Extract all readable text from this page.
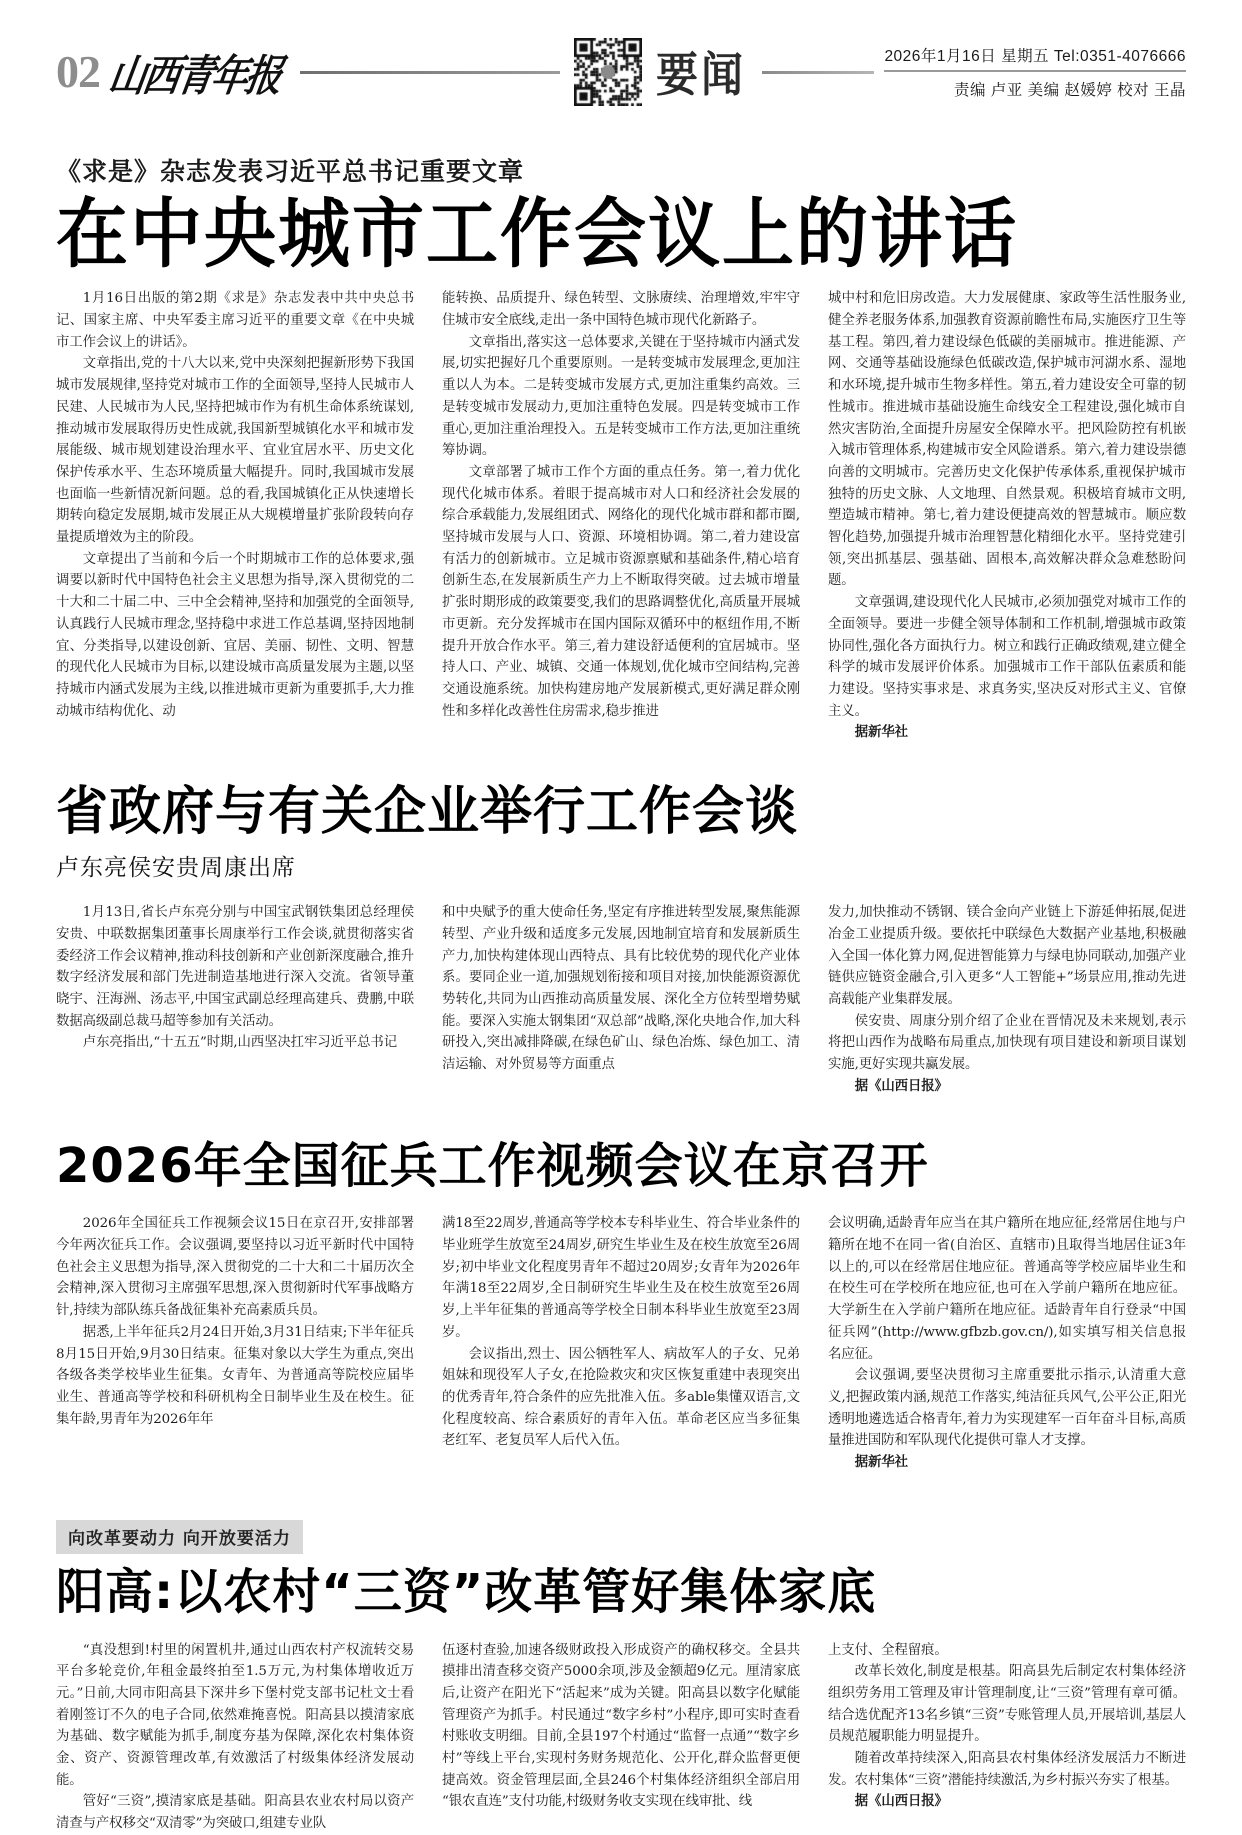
02 山西青年报	要闻	2026年1月16日 星期五 Tel:0351-4076666
责编 卢亚 美编 赵媛婷 校对 王晶
《求是》杂志发表习近平总书记重要文章
在中央城市工作会议上的讲话

1月16日出版的第2期《求是》杂志发表中共中央总书记、国家主席、中央军委主席习近平的重要文章《在中央城市工作会议上的讲话》。

文章指出,党的十八大以来,党中央深刻把握新形势下我国城市发展规律,坚持党对城市工作的全面领导,坚持人民城市人民建、人民城市为人民,坚持把城市作为有机生命体系统谋划,推动城市发展取得历史性成就,我国新型城镇化水平和城市发展能级、城市规划建设治理水平、宜业宜居水平、历史文化保护传承水平、生态环境质量大幅提升。同时,我国城市发展也面临一些新情况新问题。总的看,我国城镇化正从快速增长期转向稳定发展期,城市发展正从大规模增量扩张阶段转向存量提质增效为主的阶段。

文章提出了当前和今后一个时期城市工作的总体要求,强调要以新时代中国特色社会主义思想为指导,深入贯彻党的二十大和二十届二中、三中全会精神,坚持和加强党的全面领导,认真践行人民城市理念,坚持稳中求进工作总基调,坚持因地制宜、分类指导,以建设创新、宜居、美丽、韧性、文明、智慧的现代化人民城市为目标,以建设城市高质量发展为主题,以坚持城市内涵式发展为主线,以推进城市更新为重要抓手,大力推动城市结构优化、动

能转换、品质提升、绿色转型、文脉赓续、治理增效,牢牢守住城市安全底线,走出一条中国特色城市现代化新路子。

文章指出,落实这一总体要求,关键在于坚持城市内涵式发展,切实把握好几个重要原则。一是转变城市发展理念,更加注重以人为本。二是转变城市发展方式,更加注重集约高效。三是转变城市发展动力,更加注重特色发展。四是转变城市工作重心,更加注重治理投入。五是转变城市工作方法,更加注重统筹协调。

文章部署了城市工作个方面的重点任务。第一,着力优化现代化城市体系。着眼于提高城市对人口和经济社会发展的综合承载能力,发展组团式、网络化的现代化城市群和都市圈,坚持城市发展与人口、资源、环境相协调。第二,着力建设富有活力的创新城市。立足城市资源禀赋和基础条件,精心培育创新生态,在发展新质生产力上不断取得突破。过去城市增量扩张时期形成的政策要变,我们的思路调整优化,高质量开展城市更新。充分发挥城市在国内国际双循环中的枢纽作用,不断提升开放合作水平。第三,着力建设舒适便利的宜居城市。坚持人口、产业、城镇、交通一体规划,优化城市空间结构,完善交通设施系统。加快构建房地产发展新模式,更好满足群众刚性和多样化改善性住房需求,稳步推进

城中村和危旧房改造。大力发展健康、家政等生活性服务业,健全养老服务体系,加强教育资源前瞻性布局,实施医疗卫生等基工程。第四,着力建设绿色低碳的美丽城市。推进能源、产网、交通等基础设施绿色低碳改造,保护城市河湖水系、湿地和水环境,提升城市生物多样性。第五,着力建设安全可靠的韧性城市。推进城市基础设施生命线安全工程建设,强化城市自然灾害防治,全面提升房屋安全保障水平。把风险防控有机嵌入城市管理体系,构建城市安全风险谱系。第六,着力建设崇德向善的文明城市。完善历史文化保护传承体系,重视保护城市独特的历史文脉、人文地理、自然景观。积极培育城市文明,塑造城市精神。第七,着力建设便捷高效的智慧城市。顺应数智化趋势,加强提升城市治理智慧化精细化水平。坚持党建引领,突出抓基层、强基础、固根本,高效解决群众急难愁盼问题。

文章强调,建设现代化人民城市,必须加强党对城市工作的全面领导。要进一步健全领导体制和工作机制,增强城市政策协同性,强化各方面执行力。树立和践行正确政绩观,建立健全科学的城市发展评价体系。加强城市工作干部队伍素质和能力建设。坚持实事求是、求真务实,坚决反对形式主义、官僚主义。

据新华社

省政府与有关企业举行工作会谈
卢东亮侯安贵周康出席

1月13日,省长卢东亮分别与中国宝武钢铁集团总经理侯安贵、中联数据集团董事长周康举行工作会谈,就贯彻落实省委经济工作会议精神,推动科技创新和产业创新深度融合,推升数字经济发展和部门先进制造基地进行深入交流。省领导董晓宇、汪海洲、汤志平,中国宝武副总经理高建兵、费鹏,中联数据高级副总裁马超等参加有关活动。

卢东亮指出,“十五五”时期,山西坚决扛牢习近平总书记

和中央赋予的重大使命任务,坚定有序推进转型发展,聚焦能源转型、产业升级和适度多元发展,因地制宜培育和发展新质生产力,加快构建体现山西特点、具有比较优势的现代化产业体系。要同企业一道,加强规划衔接和项目对接,加快能源资源优势转化,共同为山西推动高质量发展、深化全方位转型增势赋能。要深入实施太钢集团“双总部”战略,深化央地合作,加大科研投入,突出减排降碳,在绿色矿山、绿色冶炼、绿色加工、清洁运输、对外贸易等方面重点

发力,加快推动不锈钢、镁合金向产业链上下游延伸拓展,促进冶金工业提质升级。要依托中联绿色大数据产业基地,积极融入全国一体化算力网,促进智能算力与绿电协同联动,加强产业链供应链资金融合,引入更多“人工智能+”场景应用,推动先进高载能产业集群发展。

侯安贵、周康分别介绍了企业在晋情况及未来规划,表示将把山西作为战略布局重点,加快现有项目建设和新项目谋划实施,更好实现共赢发展。

据《山西日报》

2026年全国征兵工作视频会议在京召开

2026年全国征兵工作视频会议15日在京召开,安排部署今年两次征兵工作。会议强调,要坚持以习近平新时代中国特色社会主义思想为指导,深入贯彻党的二十大和二十届历次全会精神,深入贯彻习主席强军思想,深入贯彻新时代军事战略方针,持续为部队练兵备战征集补充高素质兵员。

据悉,上半年征兵2月24日开始,3月31日结束;下半年征兵8月15日开始,9月30日结束。征集对象以大学生为重点,突出各级各类学校毕业生征集。女青年、为普通高等院校应届毕业生、普通高等学校和科研机构全日制毕业生及在校生。征集年龄,男青年为2026年年

满18至22周岁,普通高等学校本专科毕业生、符合毕业条件的毕业班学生放宽至24周岁,研究生毕业生及在校生放宽至26周岁;初中毕业文化程度男青年不超过20周岁;女青年为2026年年满18至22周岁,全日制研究生毕业生及在校生放宽至26周岁,上半年征集的普通高等学校全日制本科毕业生放宽至23周岁。

会议指出,烈士、因公牺牲军人、病故军人的子女、兄弟姐妹和现役军人子女,在抢险救灾和灾区恢复重建中表现突出的优秀青年,符合条件的应先批准入伍。多able集懂双语言,文化程度较高、综合素质好的青年入伍。革命老区应当多征集老红军、老复员军人后代入伍。

会议明确,适龄青年应当在其户籍所在地应征,经常居住地与户籍所在地不在同一省(自治区、直辖市)且取得当地居住证3年以上的,可以在经常居住地应征。普通高等学校应届毕业生和在校生可在学校所在地应征,也可在入学前户籍所在地应征。大学新生在入学前户籍所在地应征。适龄青年自行登录“中国征兵网”(http://www.gfbzb.gov.cn/),如实填写相关信息报名应征。

会议强调,要坚决贯彻习主席重要批示指示,认清重大意义,把握政策内涵,规范工作落实,纯洁征兵风气,公平公正,阳光透明地遴选适合格青年,着力为实现建军一百年奋斗目标,高质量推进国防和军队现代化提供可靠人才支撑。

据新华社

向改革要动力 向开放要活力
阳高:以农村“三资”改革管好集体家底

“真没想到!村里的闲置机井,通过山西农村产权流转交易平台多轮竞价,年租金最终拍至1.5万元,为村集体增收近万元。”日前,大同市阳高县下深井乡下堡村党支部书记杜文士看着刚签订不久的电子合同,依然难掩喜悦。阳高县以摸清家底为基础、数字赋能为抓手,制度夯基为保障,深化农村集体资金、资产、资源管理改革,有效激活了村级集体经济发展动能。

管好“三资”,摸清家底是基础。阳高县农业农村局以资产清查与产权移交“双清零”为突破口,组建专业队

伍逐村查验,加速各级财政投入形成资产的确权移交。全县共摸排出清查移交资产5000余项,涉及金额超9亿元。厘清家底后,让资产在阳光下“活起来”成为关键。阳高县以数字化赋能管理资产为抓手。村民通过“数字乡村”小程序,即可实时查看村账收支明细。目前,全县197个村通过“监督一点通”“数字乡村”等线上平台,实现村务财务规范化、公开化,群众监督更便捷高效。资金管理层面,全县246个村集体经济组织全部启用“银农直连”支付功能,村级财务收支实现在线审批、线

上支付、全程留痕。

改革长效化,制度是根基。阳高县先后制定农村集体经济组织劳务用工管理及审计管理制度,让“三资”管理有章可循。结合选优配齐13名乡镇“三资”专账管理人员,开展培训,基层人员规范履职能力明显提升。

随着改革持续深入,阳高县农村集体经济发展活力不断进发。农村集体“三资”潜能持续激活,为乡村振兴夯实了根基。

据《山西日报》
